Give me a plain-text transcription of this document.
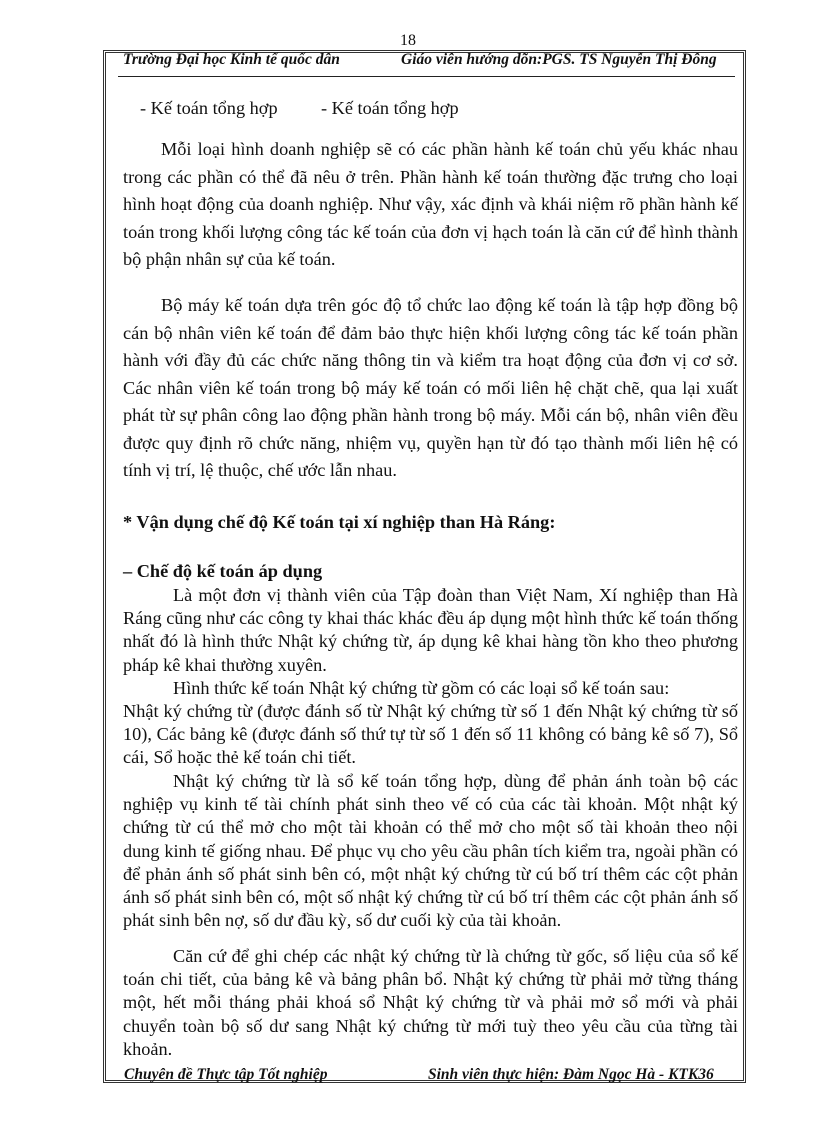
18
Trường Đại học Kinh tế quốc dân	Giáo viên hướng dõn:PGS. TS Nguyễn Thị Đông
- Kế toán tổng hợp - Kế toán tổng hợp

Mỗi loại hình doanh nghiệp sẽ có các phần hành kế toán chủ yếu khác nhau trong các phần có thể đã nêu ở trên. Phần hành kế toán thường đặc trưng cho loại hình hoạt động của doanh nghiệp. Như vậy, xác định và khái niệm rõ phần hành kế toán trong khối lượng công tác kế toán của đơn vị hạch toán là căn cứ để hình thành bộ phận nhân sự của kế toán.

Bộ máy kế toán dựa trên góc độ tổ chức lao động kế toán là tập hợp đồng bộ cán bộ nhân viên kế toán để đảm bảo thực hiện khối lượng công tác kế toán phần hành với đầy đủ các chức năng thông tin và kiểm tra hoạt động của đơn vị cơ sở. Các nhân viên kế toán trong bộ máy kế toán có mối liên hệ chặt chẽ, qua lại xuất phát từ sự phân công lao động phần hành trong bộ máy. Mỗi cán bộ, nhân viên đều được quy định rõ chức năng, nhiệm vụ, quyền hạn từ đó tạo thành mối liên hệ có tính vị trí, lệ thuộc, chế ước lẫn nhau.

* Vận dụng chế độ Kế toán tại xí nghiệp than Hà Ráng:
– Chế độ kế toán áp dụng

Là một đơn vị thành viên của Tập đoàn than Việt Nam, Xí nghiệp than Hà Ráng cũng như các công ty khai thác khác đều áp dụng một hình thức kế toán thống nhất đó là hình thức Nhật ký chứng từ, áp dụng kê khai hàng tồn kho theo phương pháp kê khai thường xuyên.

Hình thức kế toán Nhật ký chứng từ gồm có các loại sổ kế toán sau:

Nhật ký chứng từ (được đánh số từ Nhật ký chứng từ số 1 đến Nhật ký chứng từ số 10), Các bảng kê (được đánh số thứ tự từ số 1 đến số 11 không có bảng kê số 7), Sổ cái, Sổ hoặc thẻ kế toán chi tiết.

Nhật ký chứng từ là sổ kế toán tổng hợp, dùng để phản ánh toàn bộ các nghiệp vụ kinh tế tài chính phát sinh theo vế có của các tài khoản. Một nhật ký chứng từ cú thể mở cho một tài khoản có thể mở cho một số tài khoản theo nội dung kinh tế giống nhau. Để phục vụ cho yêu cầu phân tích kiểm tra, ngoài phần có để phản ánh số phát sinh bên có, một nhật ký chứng từ cú bố trí thêm các cột phản ánh số phát sinh bên có, một số nhật ký chứng từ cú bố trí thêm các cột phản ánh số phát sinh bên nợ, số dư đầu kỳ, số dư cuối kỳ của tài khoản.

Căn cứ để ghi chép các nhật ký chứng từ là chứng từ gốc, số liệu của sổ kế toán chi tiết, của bảng kê và bảng phân bổ. Nhật ký chứng từ phải mở từng tháng một, hết mỗi tháng phải khoá sổ Nhật ký chứng từ và phải mở sổ mới và phải chuyển toàn bộ số dư sang Nhật ký chứng từ mới tuỳ theo yêu cầu của từng tài khoản.

Chuyên đề Thực tập Tốt nghiệp	Sinh viên thực hiện: Đàm Ngọc Hà - KTK36
